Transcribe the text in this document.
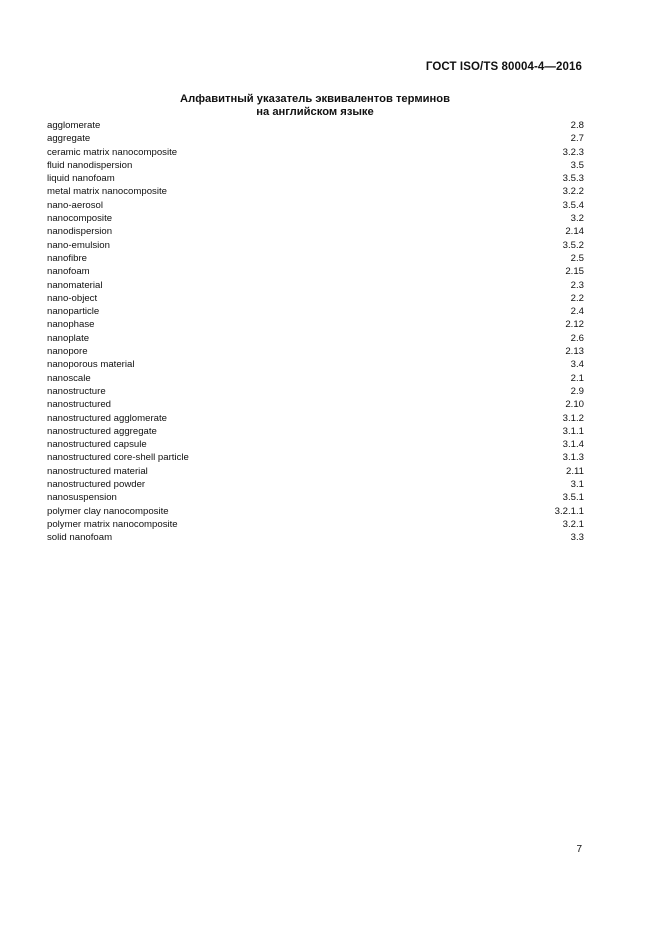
ГОСТ ISO/TS 80004-4—2016
Алфавитный указатель эквивалентов терминов
на английском языке
agglomerate	2.8
aggregate	2.7
ceramic matrix nanocomposite	3.2.3
fluid nanodispersion	3.5
liquid nanofoam	3.5.3
metal matrix nanocomposite	3.2.2
nano-aerosol	3.5.4
nanocomposite	3.2
nanodispersion	2.14
nano-emulsion	3.5.2
nanofibre	2.5
nanofoam	2.15
nanomaterial	2.3
nano-object	2.2
nanoparticle	2.4
nanophase	2.12
nanoplate	2.6
nanopore	2.13
nanoporous material	3.4
nanoscale	2.1
nanostructure	2.9
nanostructured	2.10
nanostructured agglomerate	3.1.2
nanostructured aggregate	3.1.1
nanostructured capsule	3.1.4
nanostructured core-shell particle	3.1.3
nanostructured material	2.11
nanostructured powder	3.1
nanosuspension	3.5.1
polymer clay nanocomposite	3.2.1.1
polymer matrix nanocomposite	3.2.1
solid nanofoam	3.3
7
